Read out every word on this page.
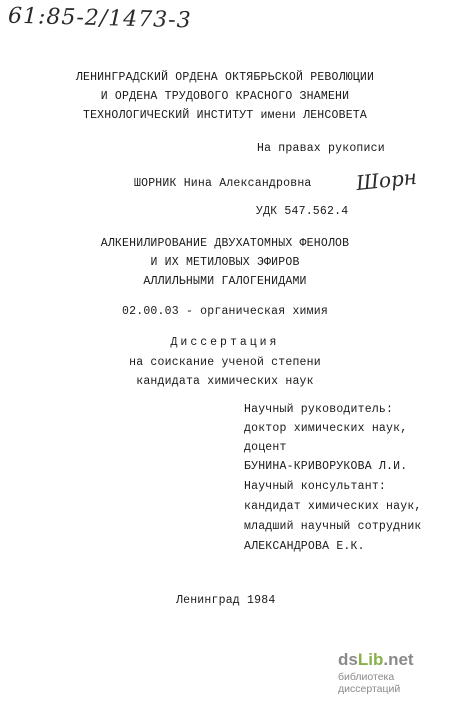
61:85-2/1473-3
ЛЕНИНГРАДСКИЙ ОРДЕНА ОКТЯБРЬСКОЙ РЕВОЛЮЦИИ
И ОРДЕНА ТРУДОВОГО КРАСНОГО ЗНАМЕНИ
ТЕХНОЛОГИЧЕСКИЙ ИНСТИТУТ имени ЛЕНСОВЕТА
На правах рукописи
ШОРНИК Нина Александровна Шорн
УДК 547.562.4
АЛКЕНИЛИРОВАНИЕ ДВУХАТОМНЫХ ФЕНОЛОВ
И ИХ МЕТИЛОВЫХ ЭФИРОВ
АЛЛИЛЬНЫМИ ГАЛОГЕНИДАМИ
02.00.03 - органическая химия
Диссертация
на соискание ученой степени
кандидата химических наук
Научный руководитель:
доктор химических наук,
доцент
БУНИНА-КРИВОРУКОВА Л.И.
Научный консультант:
кандидат химических наук,
младший научный сотрудник
АЛЕКСАНДРОВА Е.К.
Ленинград 1984
dsLib.net
библиотека диссертаций
